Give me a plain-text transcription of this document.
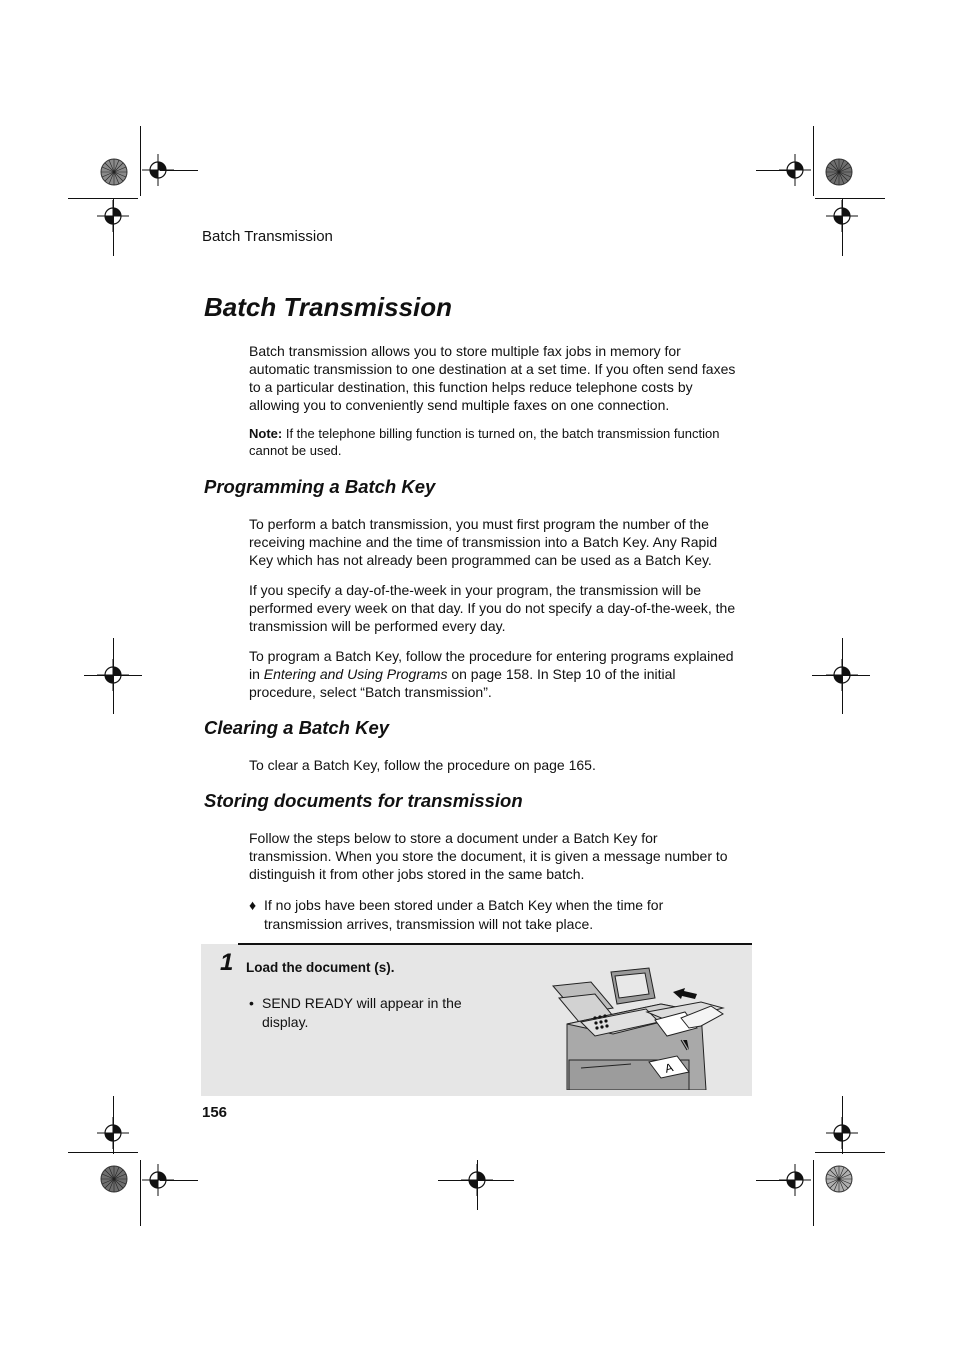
Batch Transmission
Batch Transmission

Batch transmission allows you to store multiple fax jobs in memory for automatic transmission to one destination at a set time. If you often send faxes to a particular destination, this function helps reduce telephone costs by allowing you to conveniently send multiple faxes on one connection.

Note: If the telephone billing function is turned on, the batch transmission function cannot be used.

Programming a Batch Key

To perform a batch transmission, you must first program the number of the receiving machine and the time of transmission into a Batch Key. Any Rapid Key which has not already been programmed can be used as a Batch Key.

If you specify a day-of-the-week in your program, the transmission will be performed every week on that day. If you do not specify a day-of-the-week, the transmission will be performed every day.

To program a Batch Key, follow the procedure for entering programs explained in Entering and Using Programs on page 158. In Step 10 of the initial procedure, select “Batch transmission”.

Clearing a Batch Key

To clear a Batch Key, follow the procedure on page 165.

Storing documents for transmission

Follow the steps below to store a document under a Batch Key for transmission. When you store the document, it is given a message number to distinguish it from other jobs stored in the same batch.

♦ If no jobs have been stored under a Batch Key when the time for transmission arrives, transmission will not take place.
1 Load the document (s).
• SEND READY will appear in the display.
A
156
